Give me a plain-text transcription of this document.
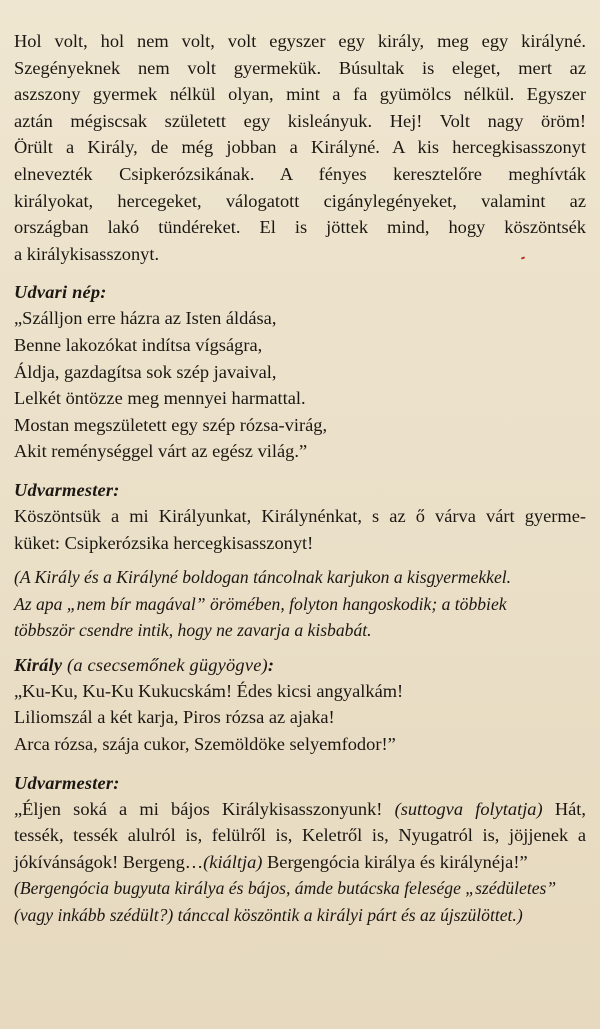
Hol volt, hol nem volt, volt egyszer egy király, meg egy királyné.
Szegényeknek nem volt gyermekük. Búsultak is eleget, mert az
aszszony gyermek nélkül olyan, mint a fa gyümölcs nélkül. Egyszer
aztán mégiscsak született egy kisleányuk. Hej! Volt nagy öröm!
Örült a Király, de még jobban a Királyné. A kis hercegkisasszonyt
elnevezték Csipkerózsikának. A fényes keresztelőre meghívták
királyokat, hercegeket, válogatott cigánylegényeket, valamint az
országban lakó tündéreket. El is jöttek mind, hogy köszöntsék
a királykisasszonyt.

Udvari nép:

„Szálljon erre házra az Isten áldása,
Benne lakozókat indítsa vígságra,
Áldja, gazdagítsa sok szép javaival,
Lelkét öntözze meg mennyei harmattal.
Mostan megszületett egy szép rózsa-virág,
Akit reménységgel várt az egész világ.”

Udvarmester:

Köszöntsük a mi Királyunkat, Királynénkat, s az ő várva várt gyerme-
küket: Csipkerózsika hercegkisasszonyt!

(A Király és a Királyné boldogan táncolnak karjukon a kisgyermekkel.
Az apa „nem bír magával” örömében, folyton hangoskodik; a többiek
többször csendre intik, hogy ne zavarja a kisbabát.

Király (a csecsemőnek gügyögve):

„Ku-Ku, Ku-Ku Kukucskám! Édes kicsi angyalkám!
Liliomszál a két karja, Piros rózsa az ajaka!
Arca rózsa, szája cukor, Szemöldöke selyemfodor!”

Udvarmester:

„Éljen soká a mi bájos Királykisasszonyunk! (suttogva folytatja) Hát,
tessék, tessék alulról is, felülről is, Keletről is, Nyugatról is, jöjjenek a
jókívánságok! Bergeng…(kiáltja) Bergengócia királya és királynéja!”

(Bergengócia bugyuta királya és bájos, ámde butácska felesége „szédületes”
(vagy inkább szédült?) tánccal köszöntik a királyi párt és az újszülöttet.)
